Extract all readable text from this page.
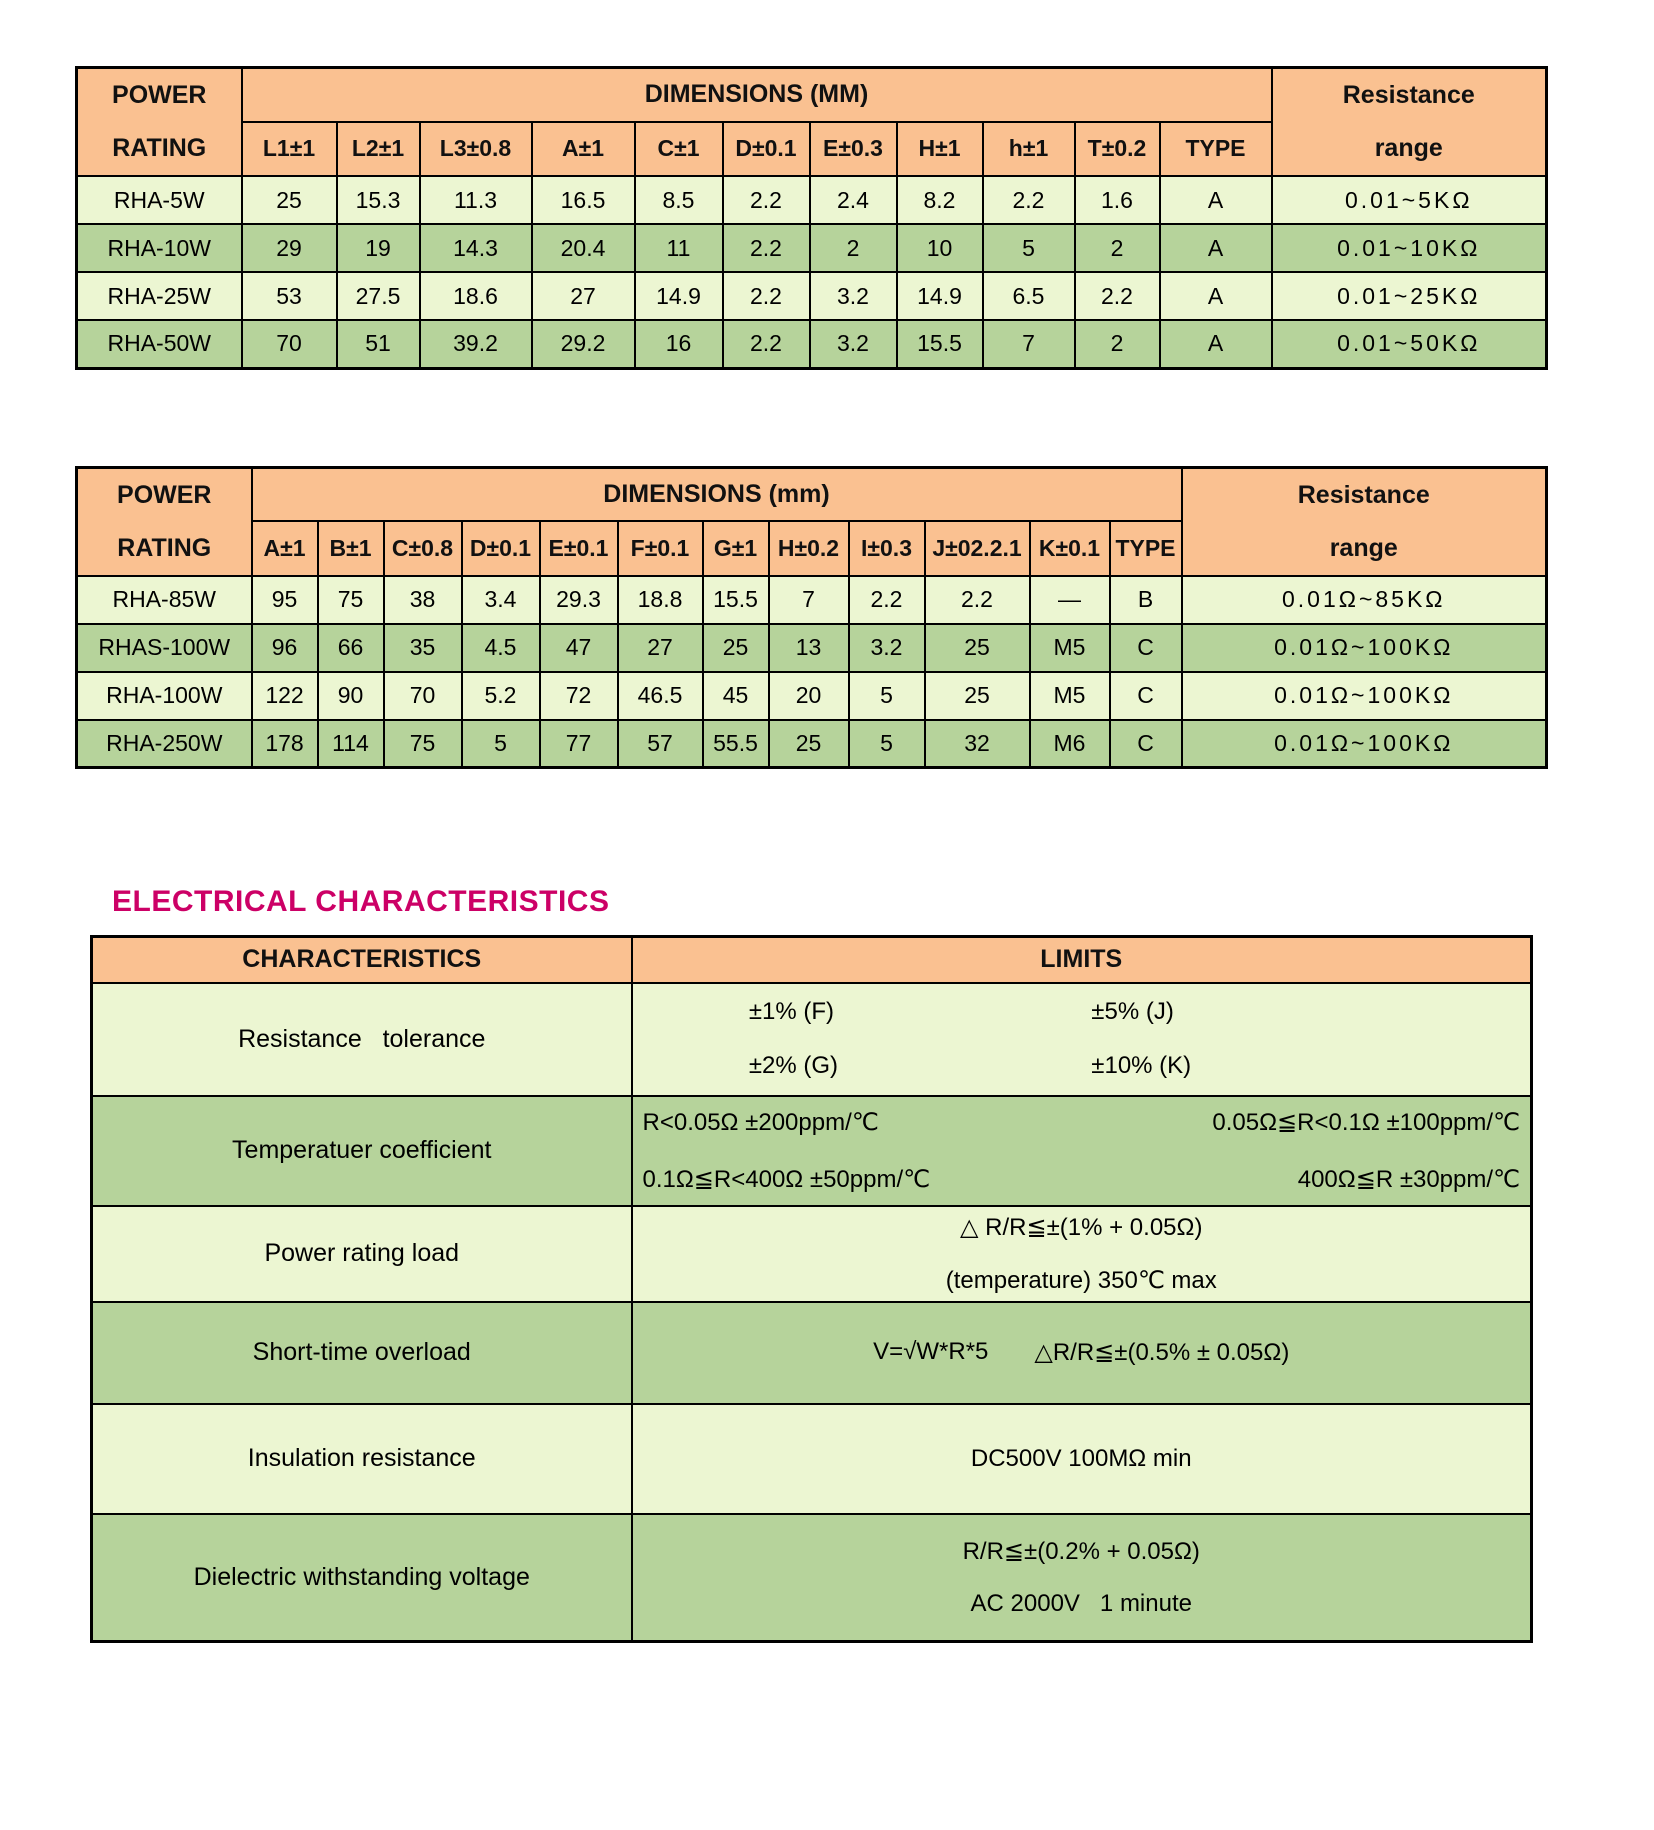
POWER
RATING	DIMENSIONS (MM)											Resistance
range

	L1±1	L2±1	L3±0.8	A±1	C±1	D±0.1	E±0.3	H±1	h±1	T±0.2	TYPE	
RHA-5W	25	15.3	11.3	16.5	8.5	2.2	2.4	8.2	2.2	1.6	A	0.01~5KΩ
RHA-10W	29	19	14.3	20.4	11	2.2	2	10	5	2	A	0.01~10KΩ
RHA-25W	53	27.5	18.6	27	14.9	2.2	3.2	14.9	6.5	2.2	A	0.01~25KΩ
RHA-50W	70	51	39.2	29.2	16	2.2	3.2	15.5	7	2	A	0.01~50KΩ
POWER
RATING	DIMENSIONS (mm)												Resistance
range

	A±1	B±1	C±0.8	D±0.1	E±0.1	F±0.1	G±1	H±0.2	I±0.3	J±02.2.1	K±0.1	TYPE	
RHA-85W	95	75	38	3.4	29.3	18.8	15.5	7	2.2	2.2	—	B	0.01Ω~85KΩ
RHAS-100W	96	66	35	4.5	47	27	25	13	3.2	25	M5	C	0.01Ω~100KΩ
RHA-100W	122	90	70	5.2	72	46.5	45	20	5	25	M5	C	0.01Ω~100KΩ
RHA-250W	178	114	75	5	77	57	55.5	25	5	32	M6	C	0.01Ω~100KΩ
ELECTRICAL CHARACTERISTICS
CHARACTERISTICS	LIMITS
Resistance   tolerance	±1% (F) ±5% (J)
±2% (G) ±10% (K)

Temperatuer coefficient	R<0.05Ω ±200ppm/℃ 0.05Ω≦R<0.1Ω ±100ppm/℃
0.1Ω≦R<400Ω ±50ppm/℃ 400Ω≦R ±30ppm/℃

Power rating load	△ R/R≦±(1% + 0.05Ω)
(temperature) 350℃ max

Short-time overload	V=√W*R*5 △R/R≦±(0.5% ± 0.05Ω)

Insulation resistance	DC500V 100MΩ min

Dielectric withstanding voltage	R/R≦±(0.2% + 0.05Ω)
AC 2000V   1 minute
